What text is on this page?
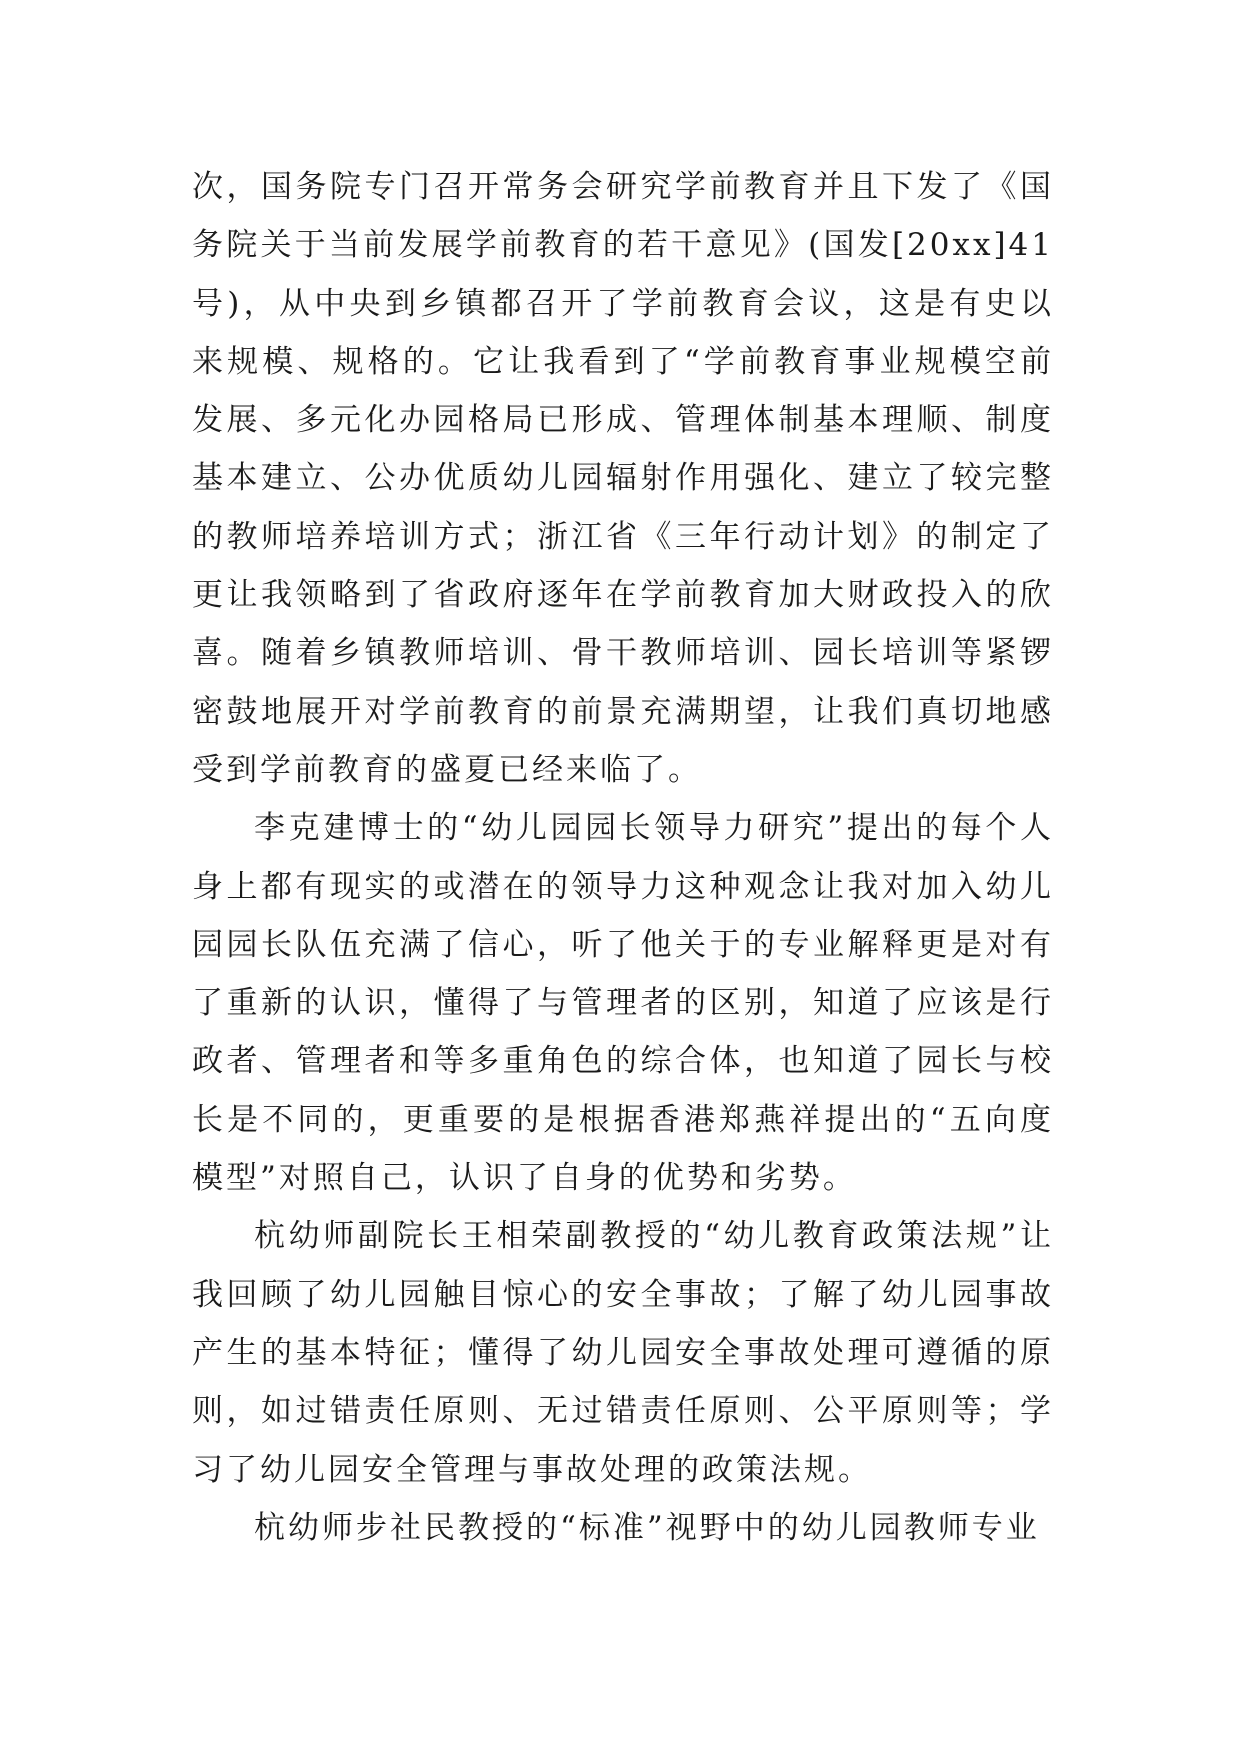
次，国务院专门召开常务会研究学前教育并且下发了《国务院关于当前发展学前教育的若干意见》(国发[20xx]41号)，从中央到乡镇都召开了学前教育会议，这是有史以来规模、规格的。它让我看到了“学前教育事业规模空前发展、多元化办园格局已形成、管理体制基本理顺、制度基本建立、公办优质幼儿园辐射作用强化、建立了较完整的教师培养培训方式；浙江省《三年行动计划》的制定了更让我领略到了省政府逐年在学前教育加大财政投入的欣喜。随着乡镇教师培训、骨干教师培训、园长培训等紧锣密鼓地展开对学前教育的前景充满期望，让我们真切地感受到学前教育的盛夏已经来临了。

李克建博士的“幼儿园园长领导力研究”提出的每个人身上都有现实的或潜在的领导力这种观念让我对加入幼儿园园长队伍充满了信心，听了他关于的专业解释更是对有了重新的认识，懂得了与管理者的区别，知道了应该是行政者、管理者和等多重角色的综合体，也知道了园长与校长是不同的，更重要的是根据香港郑燕祥提出的“五向度模型”对照自己，认识了自身的优势和劣势。

杭幼师副院长王相荣副教授的“幼儿教育政策法规”让我回顾了幼儿园触目惊心的安全事故；了解了幼儿园事故产生的基本特征；懂得了幼儿园安全事故处理可遵循的原则，如过错责任原则、无过错责任原则、公平原则等；学习了幼儿园安全管理与事故处理的政策法规。

杭幼师步社民教授的“标准”视野中的幼儿园教师专业
